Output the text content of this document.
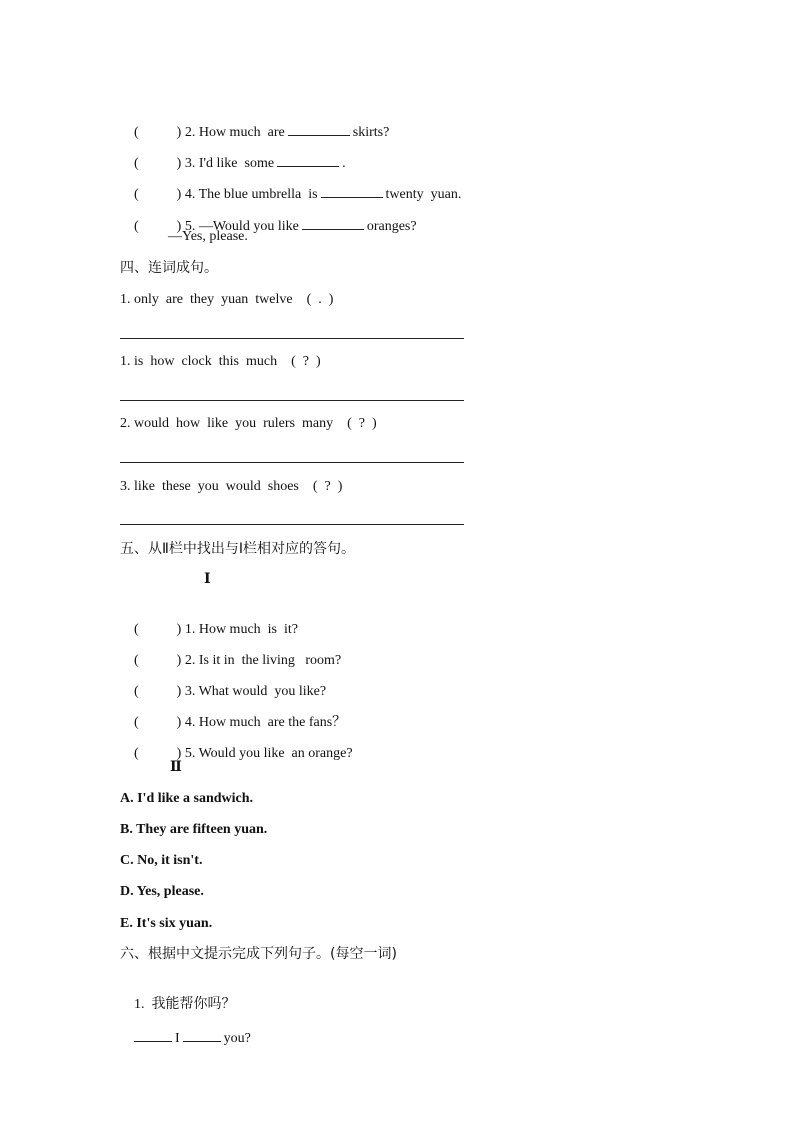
(	) 2. How much  are	skirts?

(	) 3. I'd like  some	.

(	) 4. The blue umbrella  is	twenty  yuan.

(	) 5. —Would you like	oranges?

—Yes, please.
四、连词成句。
1. only  are  they  yuan  twelve    (  .  )
1. is  how  clock  this  much    (  ?  )
2. would  how  like  you  rulers  many    (  ?  )
3. like  these  you  would  shoes    (  ?  )
五、从Ⅱ栏中找出与Ⅰ栏相对应的答句。
Ⅰ

(	) 1. How much  is  it?

(	) 2. Is it in  the living   room?

(	) 3. What would  you like?

(	) 4. How much  are the fans？

(	) 5. Would you like  an orange?

Ⅱ
A. I'd like a sandwich.
B. They are fifteen yuan.
C. No, it isn't.
D. Yes, please.
E. It's six yuan.
六、根据中文提示完成下列句子。(每空一词)

1. 我能帮你吗？

I	you?
